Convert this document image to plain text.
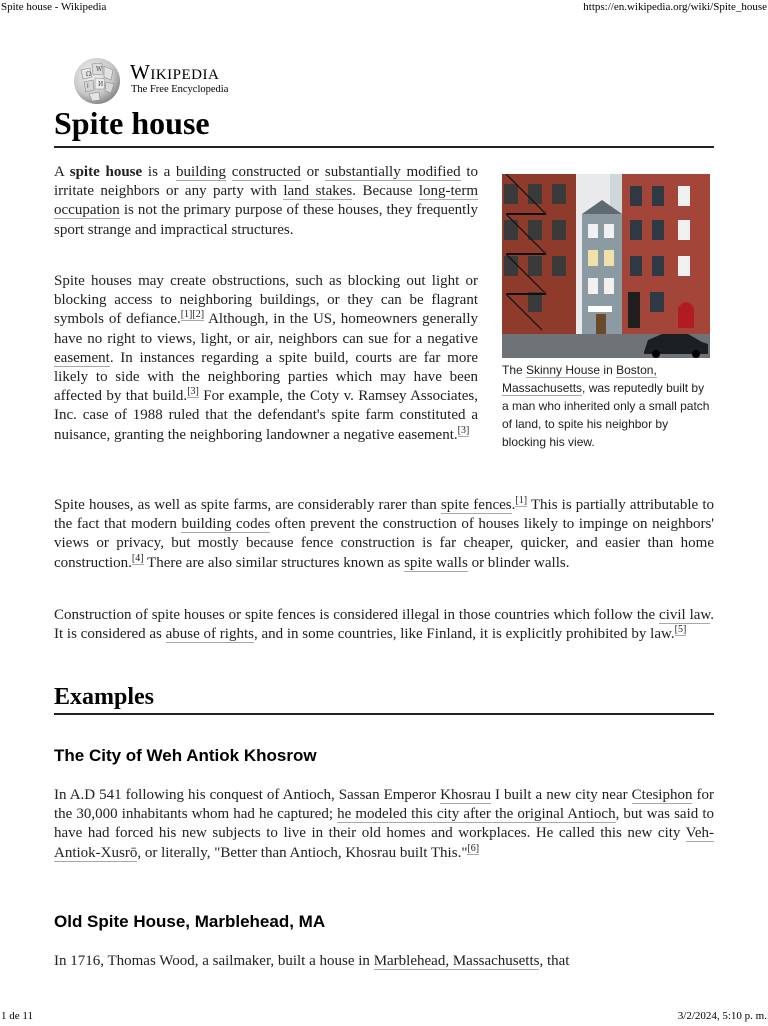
Spite house - Wikipedia	https://en.wikipedia.org/wiki/Spite_house
Ω
W
И
ا
Wikipedia
The Free Encyclopedia
Spite house

A spite house is a building constructed or substantially modified to irritate neighbors or any party with land stakes. Because long-term occupation is not the primary purpose of these houses, they frequently sport strange and impractical structures.

Spite houses may create obstructions, such as blocking out light or blocking access to neighboring buildings, or they can be flagrant symbols of defiance.[1][2] Although, in the US, homeowners generally have no right to views, light, or air, neighbors can sue for a negative easement. In instances regarding a spite build, courts are far more likely to side with the neighboring parties which may have been affected by that build.[3] For example, the Coty v. Ramsey Associates, Inc. case of 1988 ruled that the defendant's spite farm constituted a nuisance, granting the neighboring landowner a negative easement.[3]

The Skinny House in Boston, Massachusetts, was reputedly built by a man who inherited only a small patch of land, to spite his neighbor by blocking his view.

Spite houses, as well as spite farms, are considerably rarer than spite fences.[1] This is partially attributable to the fact that modern building codes often prevent the construction of houses likely to impinge on neighbors' views or privacy, but mostly because fence construction is far cheaper, quicker, and easier than home construction.[4] There are also similar structures known as spite walls or blinder walls.

Construction of spite houses or spite fences is considered illegal in those countries which follow the civil law. It is considered as abuse of rights, and in some countries, like Finland, it is explicitly prohibited by law.[5]

Examples
The City of Weh Antiok Khosrow

In A.D 541 following his conquest of Antioch, Sassan Emperor Khosrau I built a new city near Ctesiphon for the 30,000 inhabitants whom had he captured; he modeled this city after the original Antioch, but was said to have had forced his new subjects to live in their old homes and workplaces. He called this new city Veh-Antiok-Xusrō, or literally, "Better than Antioch, Khosrau built This."[6]

Old Spite House, Marblehead, MA

In 1716, Thomas Wood, a sailmaker, built a house in Marblehead, Massachusetts, that

1 de 11	3/2/2024, 5:10 p. m.
